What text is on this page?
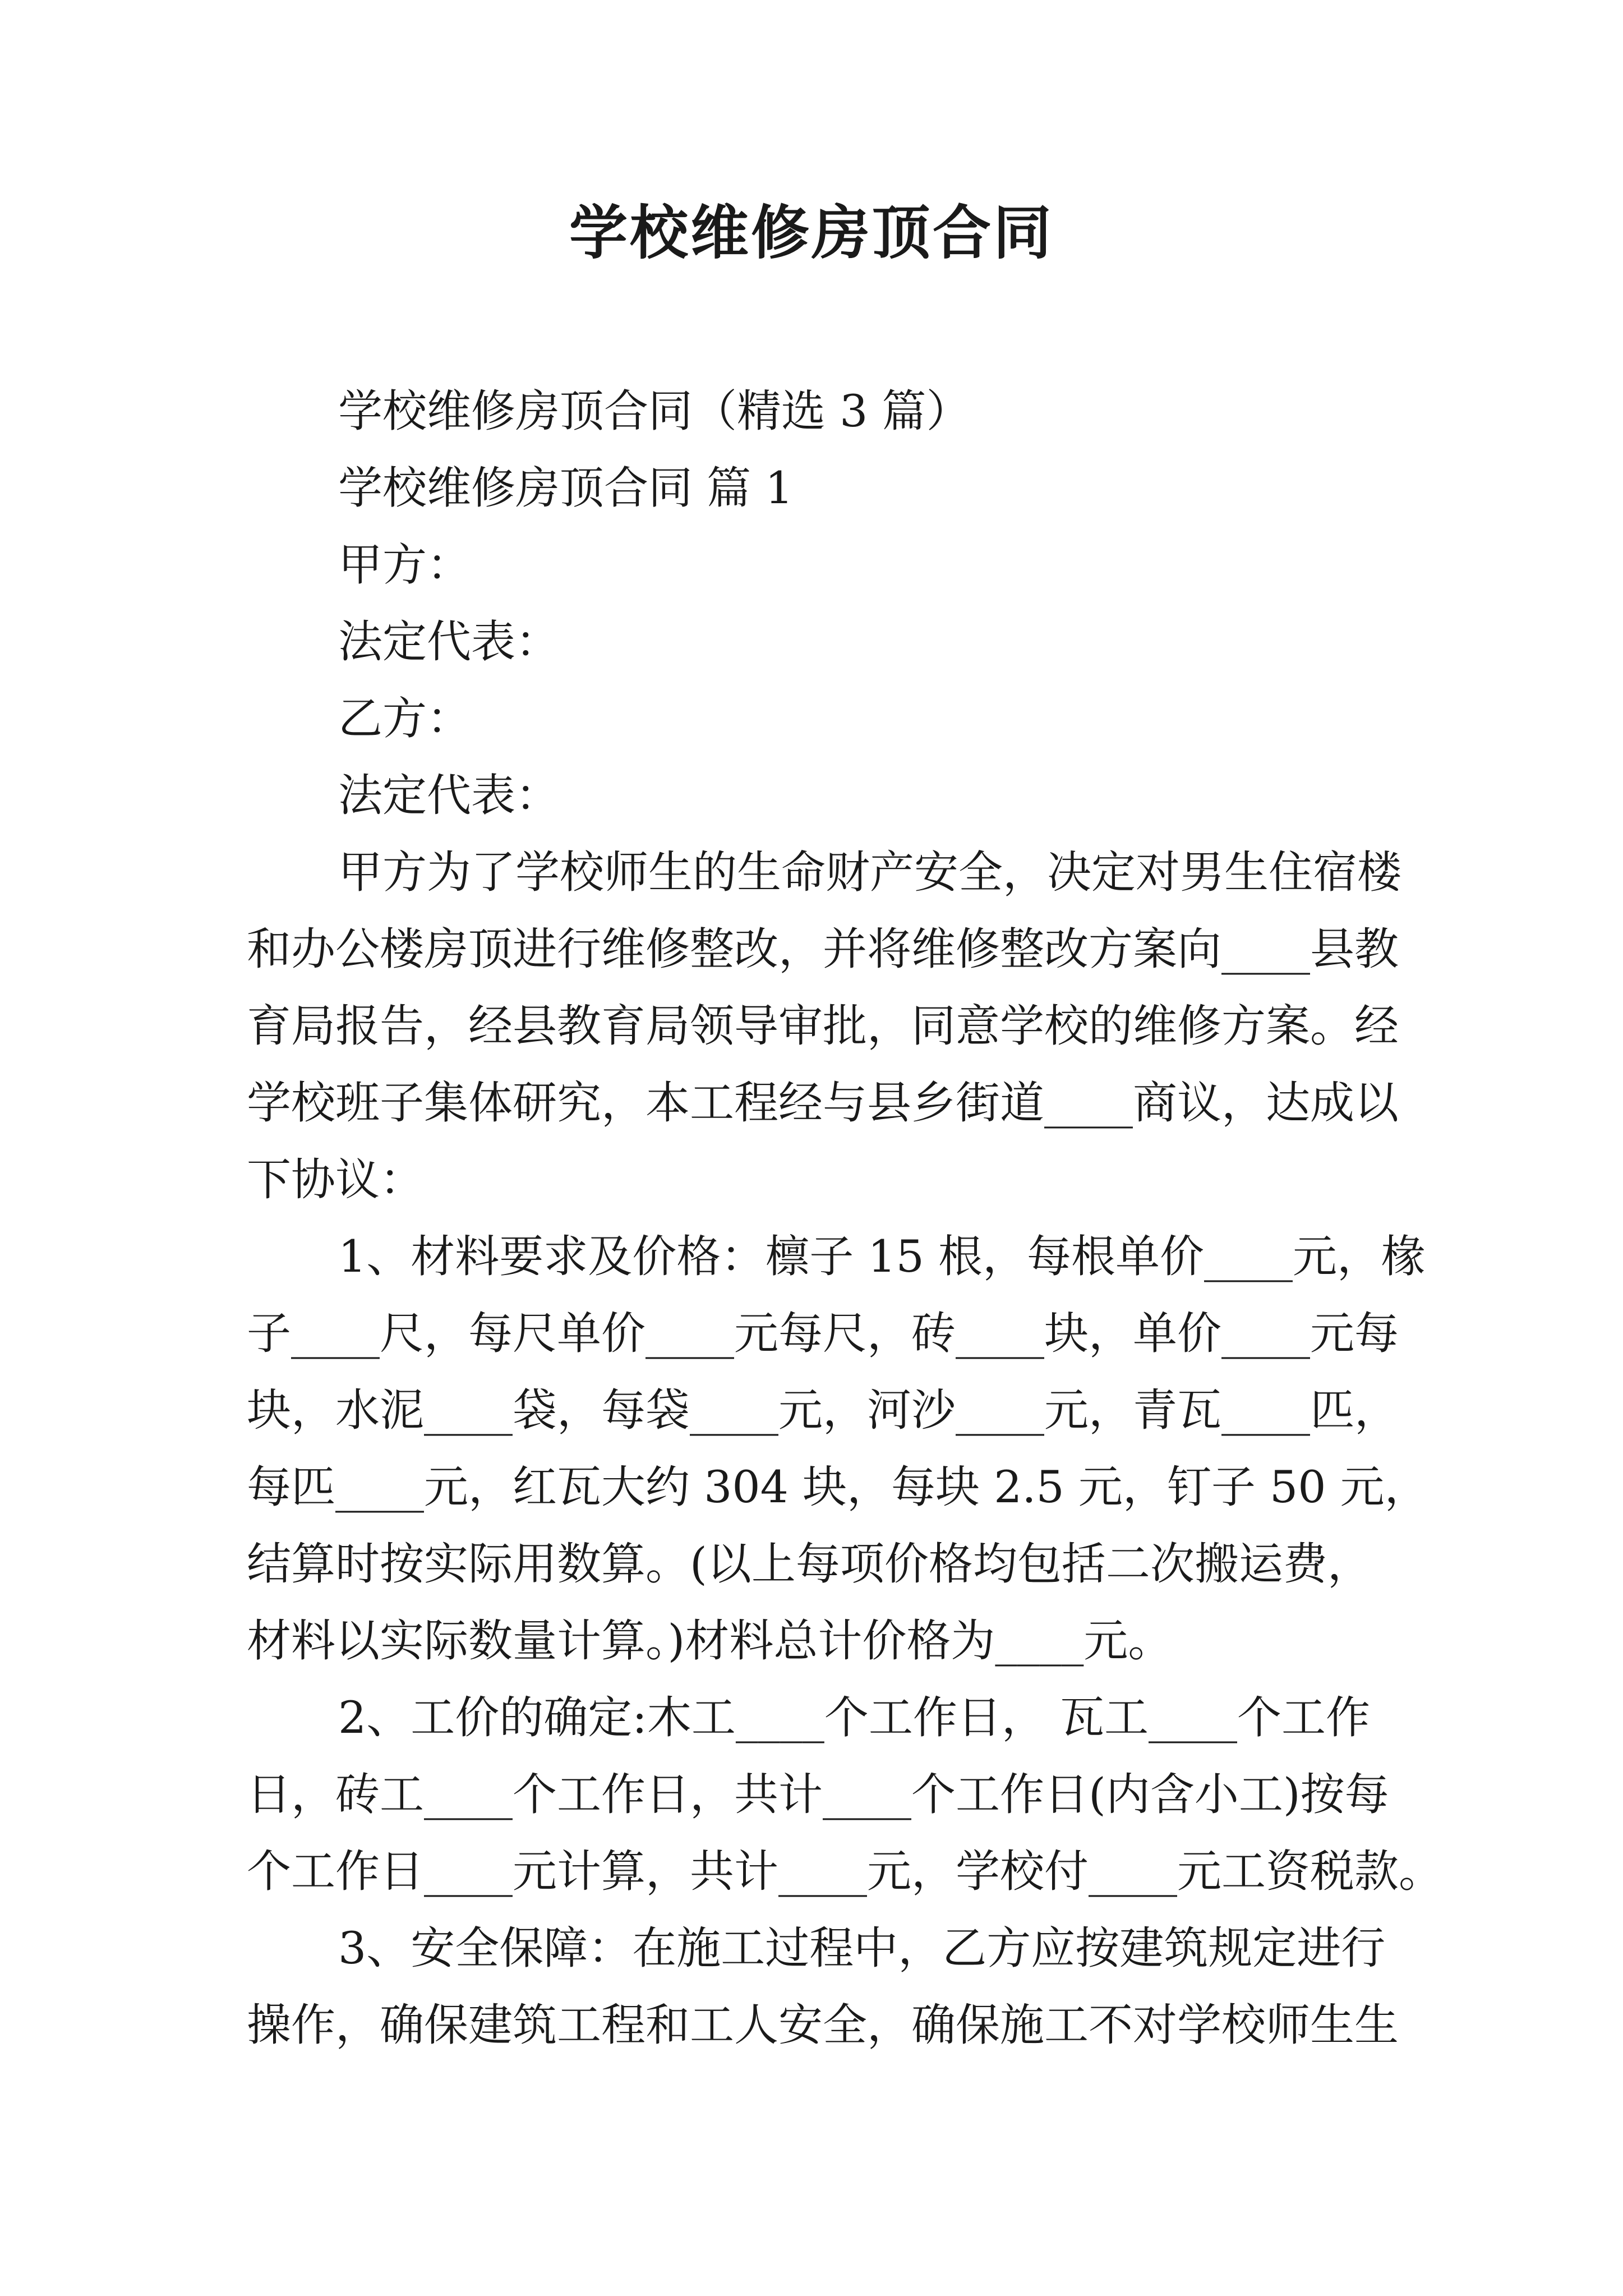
学校维修房顶合同

学校维修房顶合同（精选 3 篇）

学校维修房顶合同 篇 1

甲方：

法定代表：

乙方：

法定代表：

甲方为了学校师生的生命财产安全，决定对男生住宿楼

和办公楼房顶进行维修整改，并将维修整改方案向____县教

育局报告，经县教育局领导审批，同意学校的维修方案。经

学校班子集体研究，本工程经与县乡街道____商议，达成以

下协议：

1、材料要求及价格：檩子 15 根，每根单价____元，椽

子____尺，每尺单价____元每尺，砖____块，单价____元每

块，水泥____袋，每袋____元，河沙____元，青瓦____匹，

每匹____元，红瓦大约 304 块，每块 2.5 元，钉子 50 元，

结算时按实际用数算。(以上每项价格均包括二次搬运费，

材料以实际数量计算。)材料总计价格为____元。

2、工价的确定:木工____个工作日， 瓦工____个工作

日，砖工____个工作日，共计____个工作日(内含小工)按每

个工作日____元计算，共计____元，学校付____元工资税款。

3、安全保障：在施工过程中，乙方应按建筑规定进行

操作，确保建筑工程和工人安全，确保施工不对学校师生生
